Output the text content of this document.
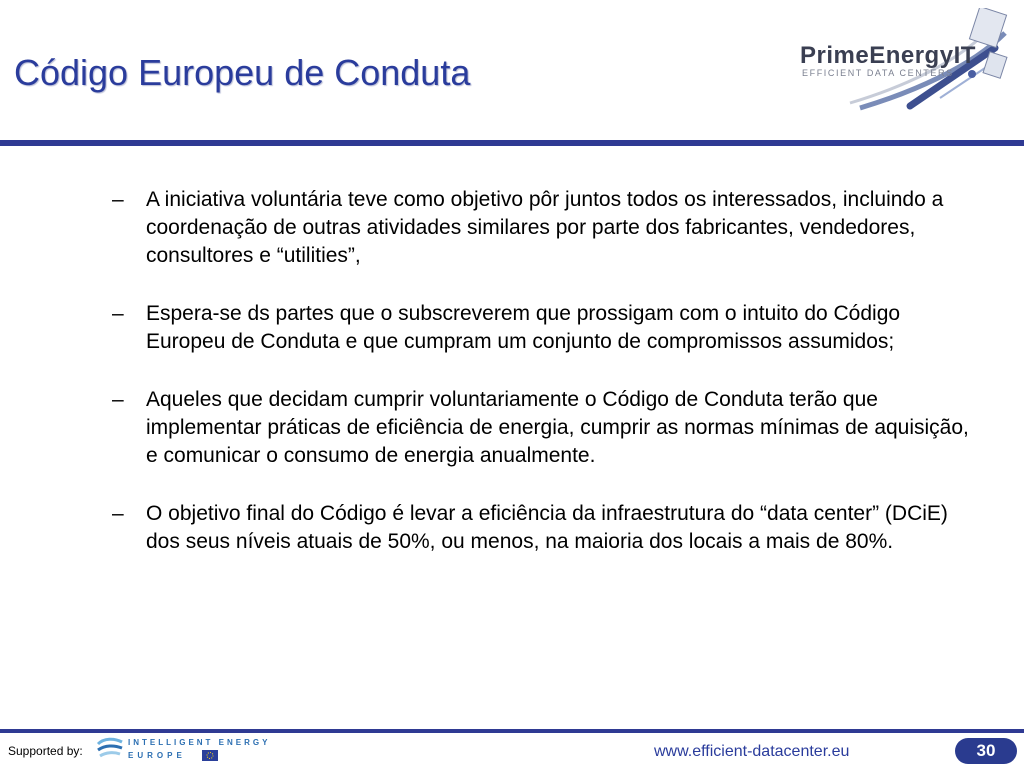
Código Europeu de Conduta	PrimeEnergyIT
EFFICIENT DATA CENTERS
– A iniciativa voluntária teve como objetivo pôr juntos todos os interessados, incluindo a coordenação de outras atividades similares por parte dos fabricantes, vendedores, consultores e “utilities”,
– Espera-se ds partes que o subscreverem que prossigam com o intuito do Código Europeu de Conduta e que cumpram um conjunto de compromissos assumidos;
– Aqueles que decidam cumprir voluntariamente o Código de Conduta terão que implementar práticas de eficiência de energia, cumprir as normas mínimas de aquisição, e comunicar o consumo de energia anualmente.
– O objetivo final do Código é levar a eficiência da infraestrutura do “data center” (DCiE) dos seus níveis atuais de 50%, ou menos, na maioria dos locais a mais de 80%.
Supported by:
INTELLIGENT ENERGY
EUROPE	www.efficient-datacenter.eu	30
